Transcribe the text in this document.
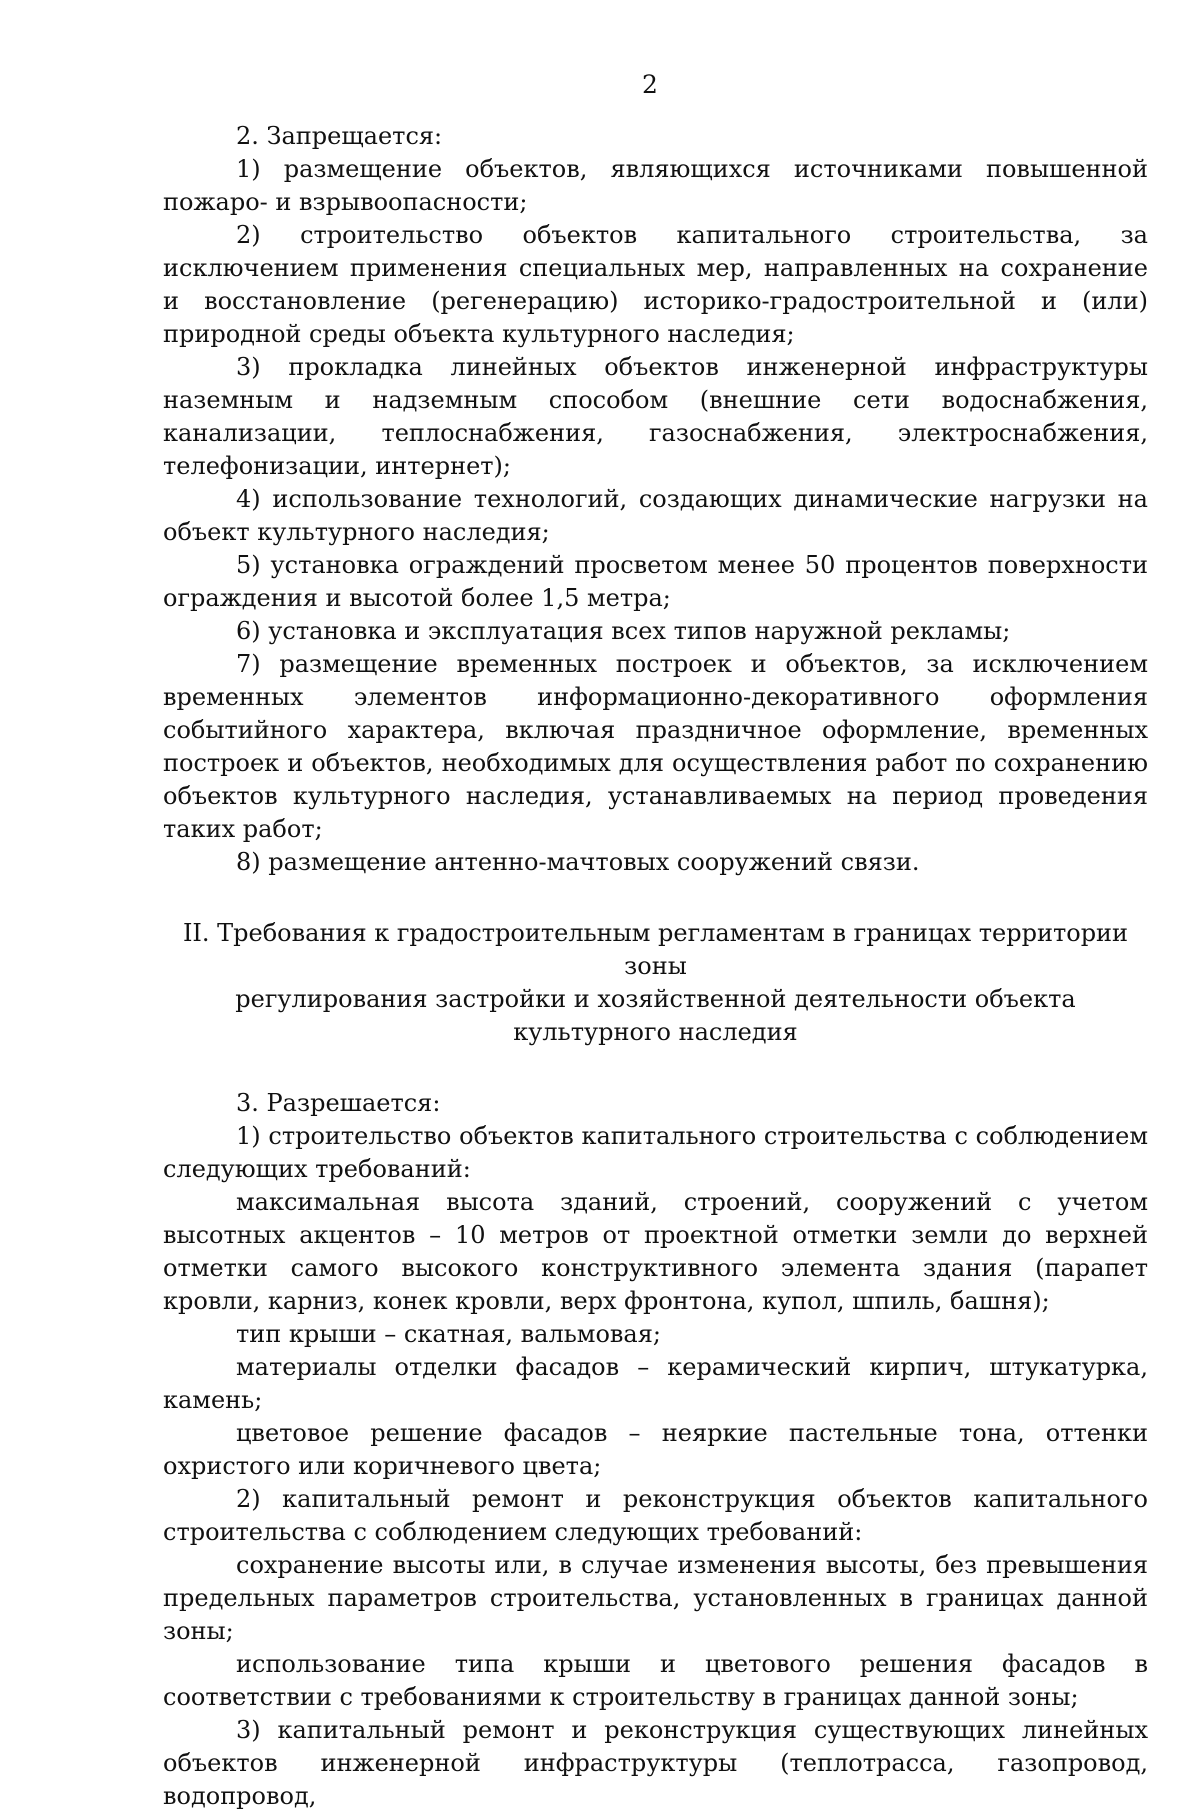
2

2. Запрещается:

1) размещение объектов, являющихся источниками повышенной пожаро- и взрывоопасности;

2) строительство объектов капитального строительства, за исключением применения специальных мер, направленных на сохранение и восстановление (регенерацию) историко-градостроительной и (или) природной среды объекта культурного наследия;

3) прокладка линейных объектов инженерной инфраструктуры наземным и надземным способом (внешние сети водоснабжения, канализации, теплоснабжения, газоснабжения, электроснабжения, телефонизации, интернет);

4) использование технологий, создающих динамические нагрузки на объект культурного наследия;

5) установка ограждений просветом менее 50 процентов поверхности ограждения и высотой более 1,5 метра;

6) установка и эксплуатация всех типов наружной рекламы;

7) размещение временных построек и объектов, за исключением временных элементов информационно-декоративного оформления событийного характера, включая праздничное оформление, временных построек и объектов, необходимых для осуществления работ по сохранению объектов культурного наследия, устанавливаемых на период проведения таких работ;

8) размещение антенно-мачтовых сооружений связи.

II. Требования к градостроительным регламентам в границах территории зоны
регулирования застройки и хозяйственной деятельности объекта
культурного наследия

3. Разрешается:

1) строительство объектов капитального строительства с соблюдением следующих требований:

максимальная высота зданий, строений, сооружений с учетом высотных акцентов – 10 метров от проектной отметки земли до верхней отметки самого высокого конструктивного элемента здания (парапет кровли, карниз, конек кровли, верх фронтона, купол, шпиль, башня);

тип крыши – скатная, вальмовая;

материалы отделки фасадов – керамический кирпич, штукатурка, камень;

цветовое решение фасадов – неяркие пастельные тона, оттенки охристого или коричневого цвета;

2) капитальный ремонт и реконструкция объектов капитального строительства с соблюдением следующих требований:

сохранение высоты или, в случае изменения высоты, без превышения предельных параметров строительства, установленных в границах данной зоны;

использование типа крыши и цветового решения фасадов в соответствии с требованиями к строительству в границах данной зоны;

3) капитальный ремонт и реконструкция существующих линейных объектов инженерной инфраструктуры (теплотрасса, газопровод, водопровод,
